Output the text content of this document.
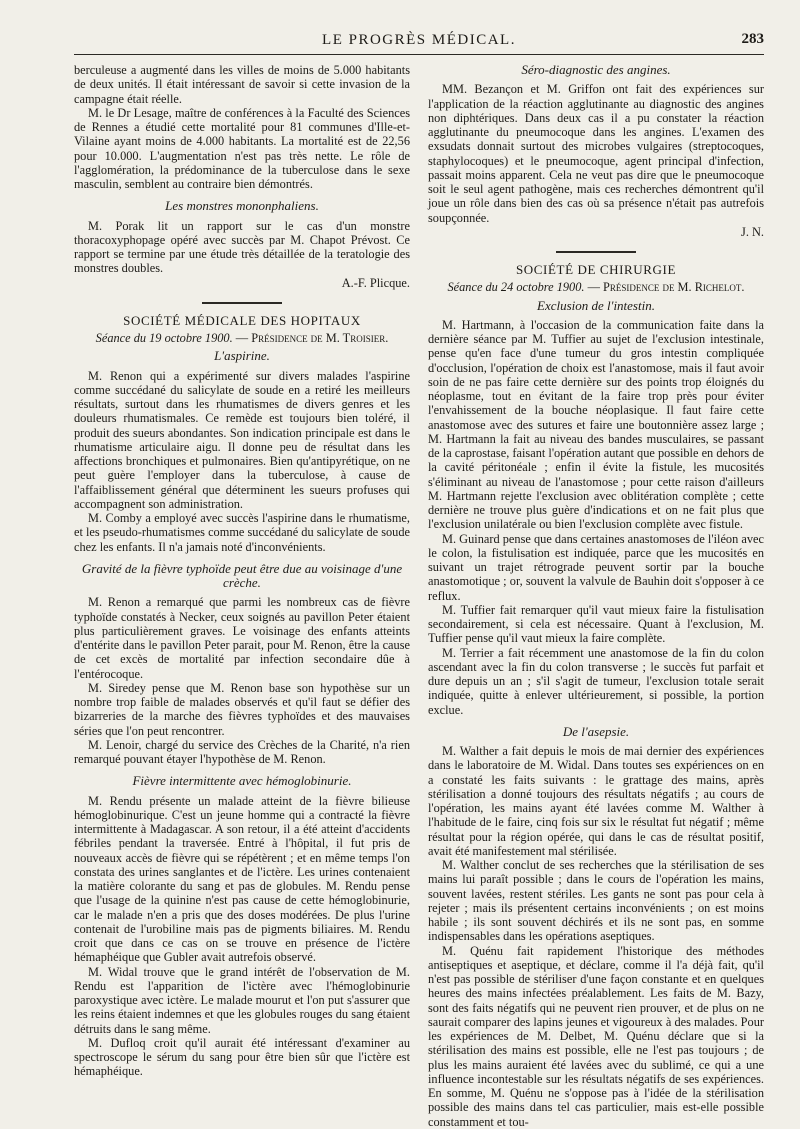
LE PROGRÈS MÉDICAL.	283

berculeuse a augmenté dans les villes de moins de 5.000 habitants de deux unités. Il était intéressant de savoir si cette invasion de la campagne était réelle.

M. le Dr Lesage, maître de conférences à la Faculté des Sciences de Rennes a étudié cette mortalité pour 81 communes d'Ille-et-Vilaine ayant moins de 4.000 habitants. La mortalité est de 22,56 pour 10.000. L'augmentation n'est pas très nette. Le rôle de l'agglomération, la prédominance de la tuberculose dans le sexe masculin, semblent au contraire bien démontrés.

Les monstres mononphaliens.

M. Porak lit un rapport sur le cas d'un monstre thoracoxyphopage opéré avec succès par M. Chapot Prévost. Ce rapport se termine par une étude très détaillée de la teratologie des monstres doubles.

A.-F. Plicque.
SOCIÉTÉ MÉDICALE DES HOPITAUX
Séance du 19 octobre 1900. — Présidence de M. Troisier.
L'aspirine.

M. Renon qui a expérimenté sur divers malades l'aspirine comme succédané du salicylate de soude en a retiré les meilleurs résultats, surtout dans les rhumatismes de divers genres et les douleurs rhumatismales. Ce remède est toujours bien toléré, il produit des sueurs abondantes. Son indication principale est dans le rhumatisme articulaire aigu. Il donne peu de résultat dans les affections bronchiques et pulmonaires. Bien qu'antipyrétique, on ne peut guère l'employer dans la tuberculose, à cause de l'affaiblissement général que déterminent les sueurs profuses qui accompagnent son administration.

M. Comby a employé avec succès l'aspirine dans le rhumatisme, et les pseudo-rhumatismes comme succédané du salicylate de soude chez les enfants. Il n'a jamais noté d'inconvénients.

Gravité de la fièvre typhoïde peut être due au voisinage d'une crèche.

M. Renon a remarqué que parmi les nombreux cas de fièvre typhoïde constatés à Necker, ceux soignés au pavillon Peter étaient plus particulièrement graves. Le voisinage des enfants atteints d'entérite dans le pavillon Peter parait, pour M. Renon, être la cause de cet excès de mortalité par infection secondaire dûe à l'entérocoque.

M. Siredey pense que M. Renon base son hypothèse sur un nombre trop faible de malades observés et qu'il faut se défier des bizarreries de la marche des fièvres typhoïdes et des mauvaises séries que l'on peut rencontrer.

M. Lenoir, chargé du service des Crèches de la Charité, n'a rien remarqué pouvant étayer l'hypothèse de M. Renon.

Fièvre intermittente avec hémoglobinurie.

M. Rendu présente un malade atteint de la fièvre bilieuse hémoglobinurique. C'est un jeune homme qui a contracté la fièvre intermittente à Madagascar. A son retour, il a été atteint d'accidents fébriles pendant la traversée. Entré à l'hôpital, il fut pris de nouveaux accès de fièvre qui se répétèrent ; et en même temps l'on constata des urines sanglantes et de l'ictère. Les urines contenaient la matière colorante du sang et pas de globules. M. Rendu pense que l'usage de la quinine n'est pas cause de cette hémoglobinurie, car le malade n'en a pris que des doses modérées. De plus l'urine contenait de l'urobiline mais pas de pigments biliaires. M. Rendu croit que dans ce cas on se trouve en présence de l'ictère hémaphéique que Gubler avait autrefois observé.

M. Widal trouve que le grand intérêt de l'observation de M. Rendu est l'apparition de l'ictère avec l'hémoglobinurie paroxystique avec ictère. Le malade mourut et l'on put s'assurer que les reins étaient indemnes et que les globules rouges du sang étaient détruits dans le sang même.

M. Dufloq croit qu'il aurait été intéressant d'examiner au spectroscope le sérum du sang pour être bien sûr que l'ictère est hémaphéique.

Séro-diagnostic des angines.

MM. Bezançon et M. Griffon ont fait des expériences sur l'application de la réaction agglutinante au diagnostic des angines non diphtériques. Dans deux cas il a pu constater la réaction agglutinante du pneumocoque dans les angines. L'examen des exsudats donnait surtout des microbes vulgaires (streptocoques, staphylocoques) et le pneumocoque, agent principal d'infection, passait moins apparent. Cela ne veut pas dire que le pneumocoque soit le seul agent pathogène, mais ces recherches démontrent qu'il joue un rôle dans bien des cas où sa présence n'était pas autrefois soupçonnée.

J. N.
SOCIÉTÉ DE CHIRURGIE
Séance du 24 octobre 1900. — Présidence de M. Richelot.
Exclusion de l'intestin.

M. Hartmann, à l'occasion de la communication faite dans la dernière séance par M. Tuffier au sujet de l'exclusion intestinale, pense qu'en face d'une tumeur du gros intestin compliquée d'occlusion, l'opération de choix est l'anastomose, mais il faut avoir soin de ne pas faire cette dernière sur des points trop éloignés du néoplasme, tout en évitant de la faire trop près pour éviter l'envahissement de la bouche néoplasique. Il faut faire cette anastomose avec des sutures et faire une boutonnière assez large ; M. Hartmann la fait au niveau des bandes musculaires, se passant de la caprostase, faisant l'opération autant que possible en dehors de la cavité péritonéale ; enfin il évite la fistule, les mucosités s'éliminant au niveau de l'anastomose ; pour cette raison d'ailleurs M. Hartmann rejette l'exclusion avec oblitération complète ; cette dernière ne trouve plus guère d'indications et on ne fait plus que l'exclusion unilatérale ou bien l'exclusion complète avec fistule.

M. Guinard pense que dans certaines anastomoses de l'iléon avec le colon, la fistulisation est indiquée, parce que les mucosités en suivant un trajet rétrograde peuvent sortir par la bouche anastomotique ; or, souvent la valvule de Bauhin doit s'opposer à ce reflux.

M. Tuffier fait remarquer qu'il vaut mieux faire la fistulisation secondairement, si cela est nécessaire. Quant à l'exclusion, M. Tuffier pense qu'il vaut mieux la faire complète.

M. Terrier a fait récemment une anastomose de la fin du colon ascendant avec la fin du colon transverse ; le succès fut parfait et dure depuis un an ; s'il s'agit de tumeur, l'exclusion totale serait indiquée, quitte à enlever ultérieurement, si possible, la portion exclue.

De l'asepsie.

M. Walther a fait depuis le mois de mai dernier des expériences dans le laboratoire de M. Widal. Dans toutes ses expériences on en a constaté les faits suivants : le grattage des mains, après stérilisation a donné toujours des résultats négatifs ; au cours de l'opération, les mains ayant été lavées comme M. Walther à l'habitude de le faire, cinq fois sur six le résultat fut négatif ; même résultat pour la région opérée, qui dans le cas de résultat positif, avait été manifestement mal stérilisée.

M. Walther conclut de ses recherches que la stérilisation de ses mains lui paraît possible ; dans le cours de l'opération les mains, souvent lavées, restent stériles. Les gants ne sont pas pour cela à rejeter ; mais ils présentent certains inconvénients ; on est moins habile ; ils sont souvent déchirés et ils ne sont pas, en somme indispensables dans les opérations aseptiques.

M. Quénu fait rapidement l'historique des méthodes antiseptiques et aseptique, et déclare, comme il l'a déjà fait, qu'il n'est pas possible de stériliser d'une façon constante et en quelques heures des mains infectées préalablement. Les faits de M. Bazy, sont des faits négatifs qui ne peuvent rien prouver, et de plus on ne saurait comparer des lapins jeunes et vigoureux à des malades. Pour les expériences de M. Delbet, M. Quénu déclare que si la stérilisation des mains est possible, elle ne l'est pas toujours ; de plus les mains auraient été lavées avec du sublimé, ce qui a une influence incontestable sur les résultats négatifs de ses expériences. En somme, M. Quénu ne s'oppose pas à l'idée de la stérilisation possible des mains dans tel cas particulier, mais est-elle possible constamment et tou-
